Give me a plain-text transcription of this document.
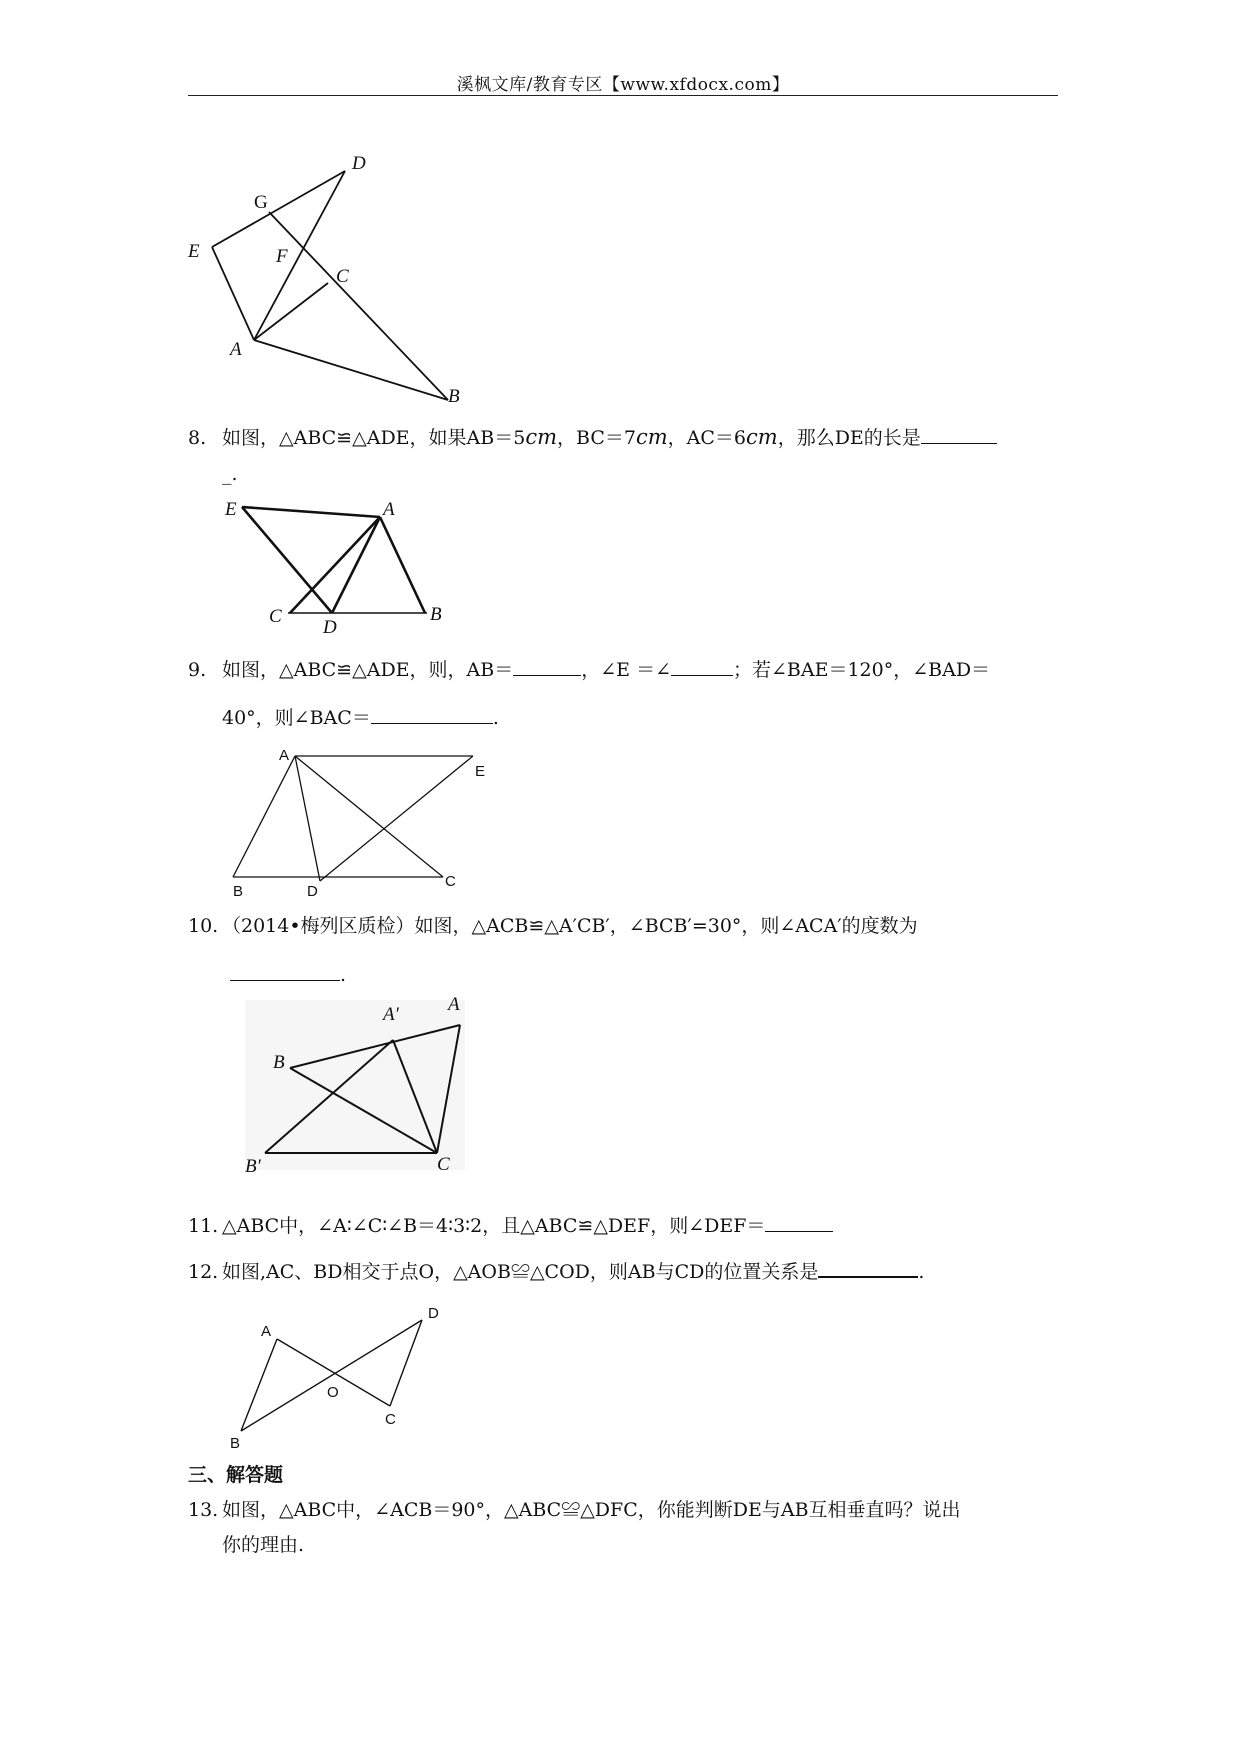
溪枫文库/教育专区【www.xfdocx.com】
D
G
E	F
C
A
B
8. 如图，△ABC≌△ADE，如果AB＝5cm，BC＝7cm，AC＝6cm，那么DE的长是
_.
E	A
C
D
B
9. 如图，△ABC≌△ADE，则，AB＝	，∠E ＝∠	；若∠BAE＝120°，∠BAD＝
40°，则∠BAC＝	.
A
E
B	D
C
10. （2014•梅列区质检）如图，△ACB≌△A′CB′，∠BCB′=30°，则∠ACA′的度数为
.
A′	A
B
B′	C
11. △ABC中，∠A∶∠C∶∠B＝4∶3∶2，且△ABC≌△DEF，则∠DEF＝
12. 如图,AC、BD相交于点O，△AOB≌△COD，则AB与CD的位置关系是	.
D
A
O
C
B
三、解答题
13. 如图，△ABC中，∠ACB＝90°，△ABC≌△DFC，你能判断DE与AB互相垂直吗？说出
你的理由.
